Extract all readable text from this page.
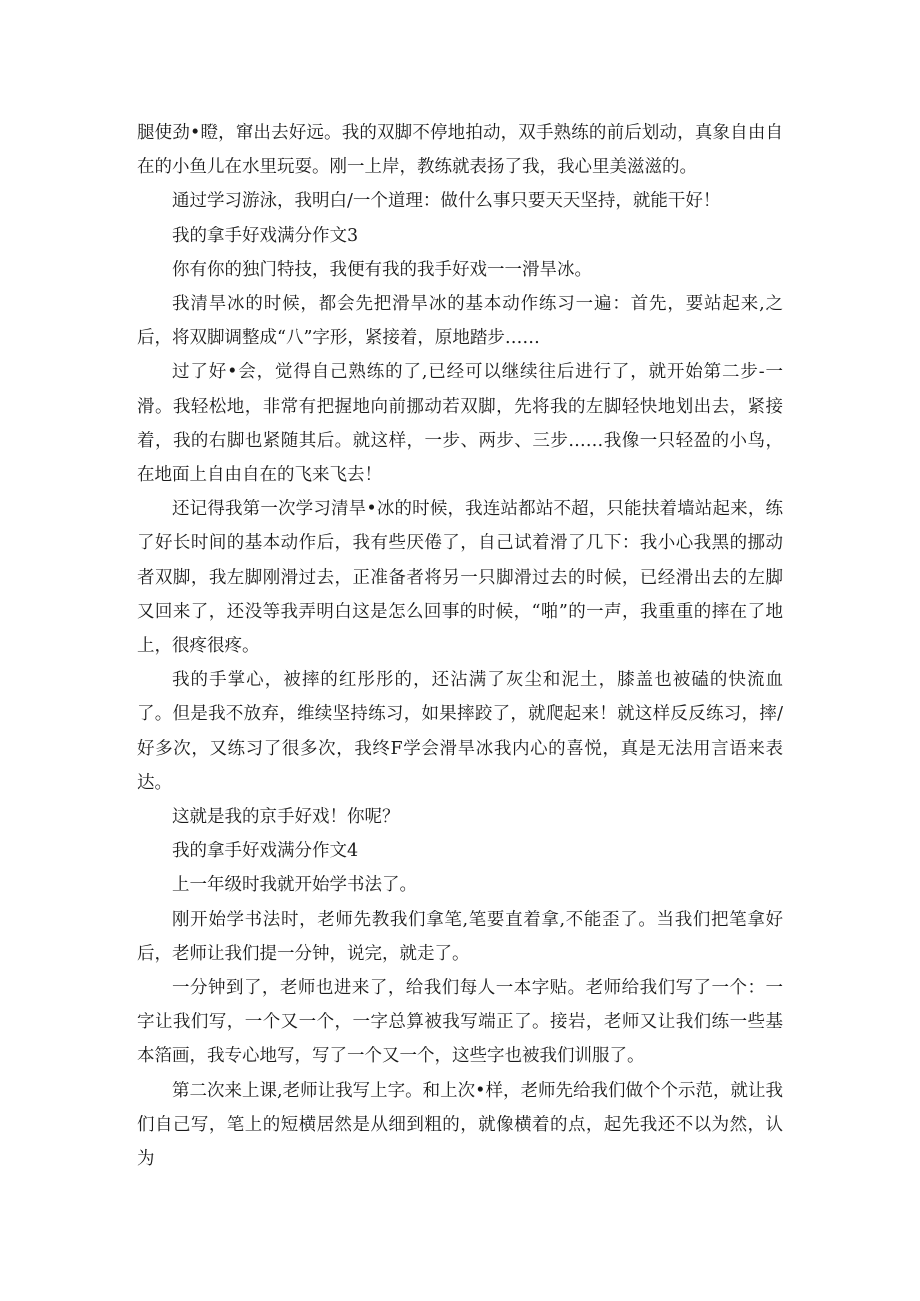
腿使劲•瞪，窜出去好远。我的双脚不停地拍动，双手熟练的前后划动，真象自由自在的小鱼儿在水里玩耍。刚一上岸，教练就表扬了我，我心里美滋滋的。

通过学习游泳，我明白/一个道理：做什么事只要天天坚持，就能干好！

我的拿手好戏满分作文3

你有你的独门特技，我便有我的我手好戏一一滑旱冰。

我清旱冰的时候，都会先把滑旱冰的基本动作练习一遍：首先，要站起来,之后，将双脚调整成“八”字形，紧接着，原地踏步……

过了好•会，觉得自己熟练的了,已经可以继续往后进行了，就开始第二步-一滑。我轻松地，非常有把握地向前挪动若双脚，先将我的左脚轻快地划出去，紧接着，我的右脚也紧随其后。就这样，一步、两步、三步……我像一只轻盈的小鸟，在地面上自由自在的飞来飞去！

还记得我第一次学习清旱•冰的时候，我连站都站不超，只能扶着墙站起来，练了好长时间的基本动作后，我有些厌倦了，自己试着滑了几下：我小心我黑的挪动者双脚，我左脚刚滑过去，正准备者将另一只脚滑过去的时候，已经滑出去的左脚又回来了，还没等我弄明白这是怎么回事的时候，“啪”的一声，我重重的摔在了地上，很疼很疼。

我的手掌心，被摔的红彤彤的，还沾满了灰尘和泥土，膝盖也被磕的快流血了。但是我不放弃，维续坚持练习，如果摔跤了，就爬起来！就这样反反练习，摔/好多次，又练习了很多次，我终F学会滑旱冰我内心的喜悦，真是无法用言语来表达。

这就是我的京手好戏！你呢？

我的拿手好戏满分作文4

上一年级时我就开始学书法了。

刚开始学书法时，老师先教我们拿笔,笔要直着拿,不能歪了。当我们把笔拿好后，老师让我们提一分钟，说完，就走了。

一分钟到了，老师也进来了，给我们每人一本字贴。老师给我们写了一个：一字让我们写，一个又一个，一字总算被我写端正了。接岩，老师又让我们练一些基本箔画，我专心地写，写了一个又一个，这些字也被我们训服了。

第二次来上课,老师让我写上字。和上次•样，老师先给我们做个个示范，就让我们自己写，笔上的短横居然是从细到粗的，就像横着的点，起先我还不以为然，认为
